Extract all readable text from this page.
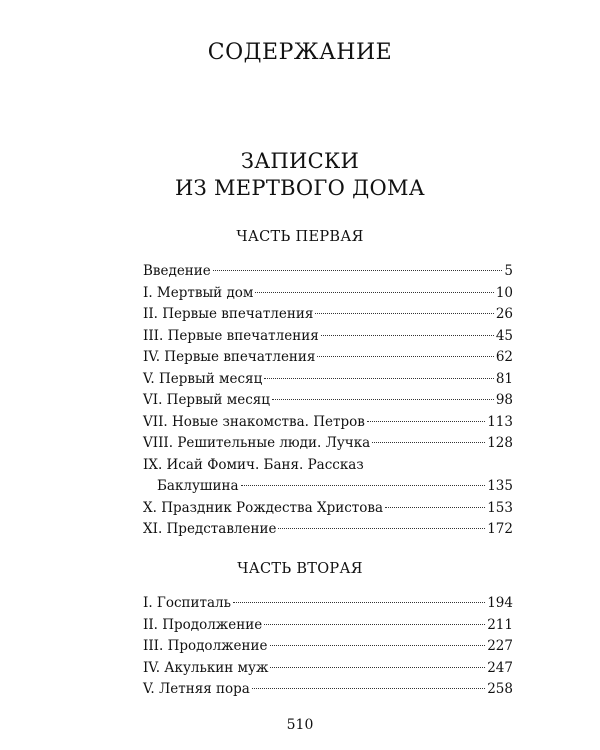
СОДЕРЖАНИЕ
ЗАПИСКИ
ИЗ МЕРТВОГО ДОМА
ЧАСТЬ ПЕРВАЯ
Введение	5
I. Мертвый дом	10
II. Первые впечатления	26
III. Первые впечатления	45
IV. Первые впечатления	62
V. Первый месяц	81
VI. Первый месяц	98
VII. Новые знакомства. Петров	113
VIII. Решительные люди. Лучка	128
IX. Исай Фомич. Баня. Рассказ
Баклушина	135
X. Праздник Рождества Христова	153
XI. Представление	172
ЧАСТЬ ВТОРАЯ
I. Госпиталь	194
II. Продолжение	211
III. Продолжение	227
IV. Акулькин муж	247
V. Летняя пора	258
510
